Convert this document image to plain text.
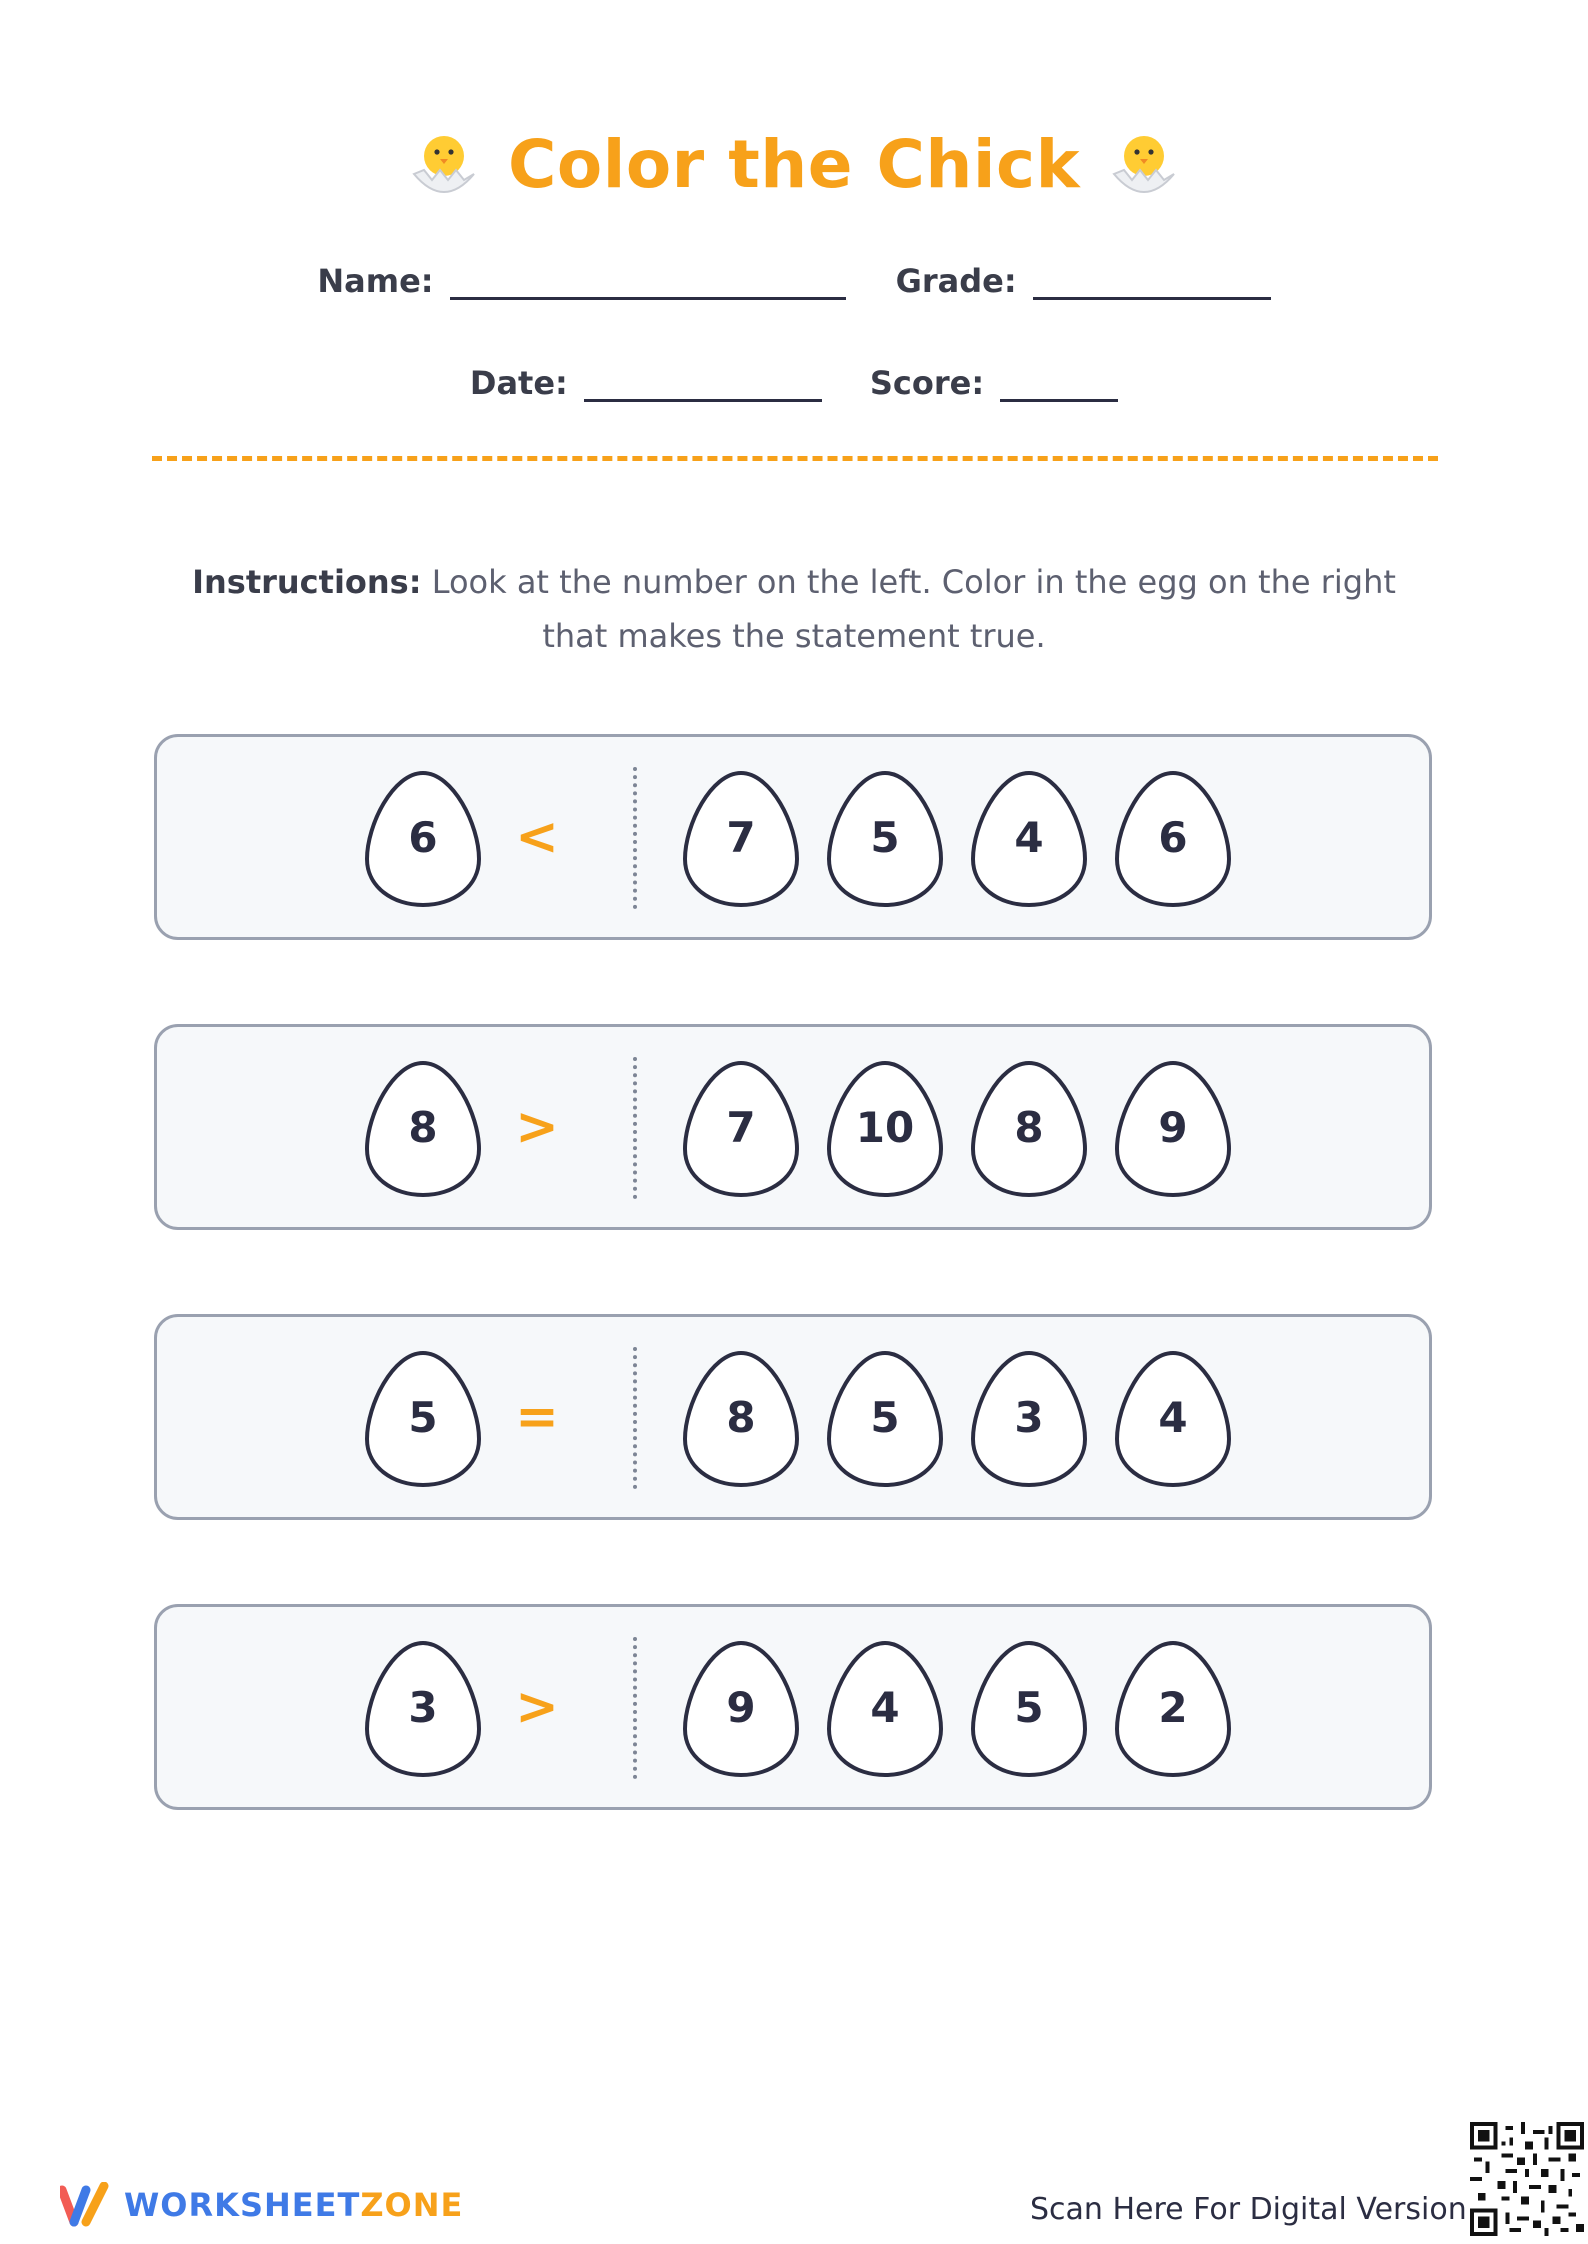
Color the Chick
Name:	Grade:
Date:	Score:
Instructions: Look at the number on the left. Color in the egg on the right that makes the statement true.
6	<	7	5	4	6
8	>	7	10	8	9
5	=	8	5	3	4
3	>	9	4	5	2
WORKSHEETZONE	Scan Here For Digital Version
